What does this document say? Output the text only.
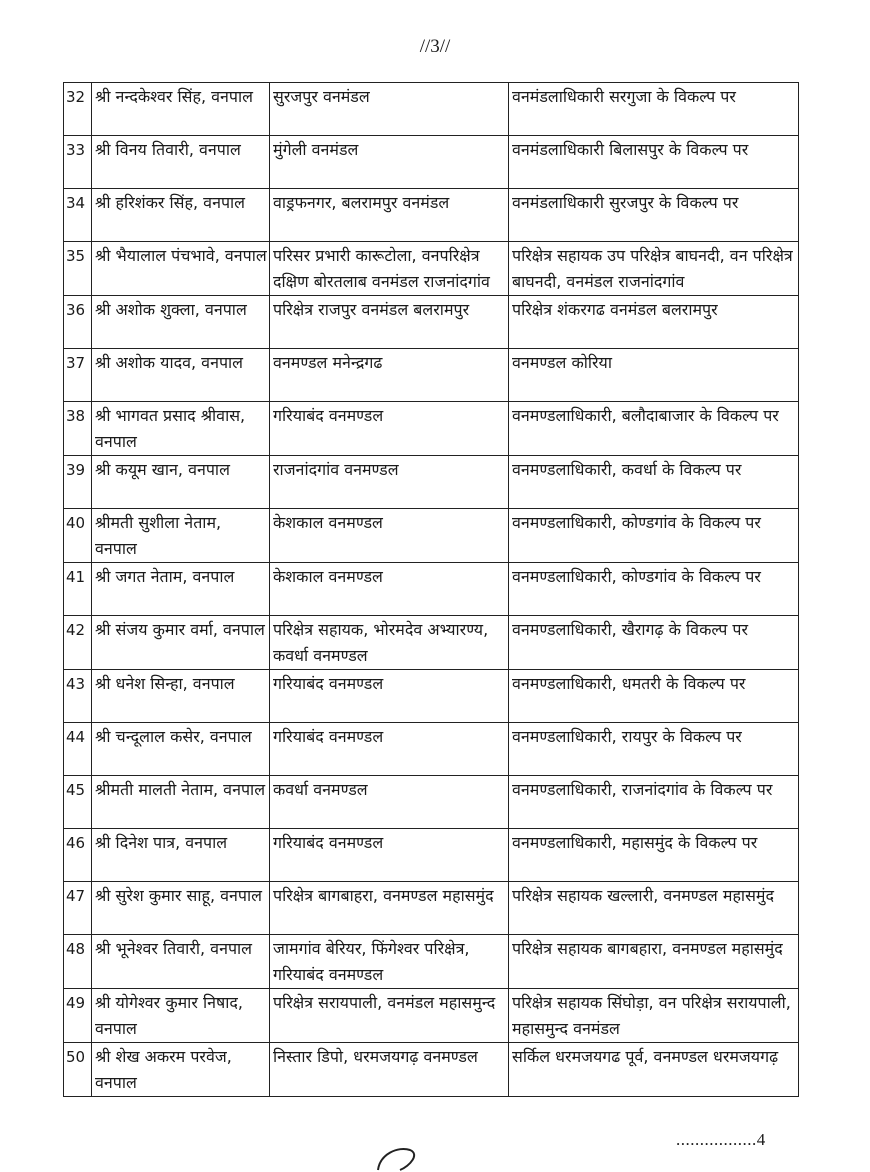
//3//
32	श्री नन्दकेश्वर सिंह, वनपाल	सुरजपुर वनमंडल	वनमंडलाधिकारी सरगुजा के विकल्प पर
33	श्री विनय तिवारी, वनपाल	मुंगेली वनमंडल	वनमंडलाधिकारी बिलासपुर के विकल्प पर
34	श्री हरिशंकर सिंह, वनपाल	वाड्रफनगर, बलरामपुर वनमंडल	वनमंडलाधिकारी सुरजपुर के विकल्प पर
35	श्री भैयालाल पंचभावे, वनपाल	परिसर प्रभारी कारूटोला, वनपरिक्षेत्र दक्षिण बोरतलाब वनमंडल राजनांदगांव	परिक्षेत्र सहायक उप परिक्षेत्र बाघनदी, वन परिक्षेत्र बाघनदी, वनमंडल राजनांदगांव
36	श्री अशोक शुक्ला, वनपाल	परिक्षेत्र राजपुर वनमंडल बलरामपुर	परिक्षेत्र शंकरगढ वनमंडल बलरामपुर
37	श्री अशोक यादव, वनपाल	वनमण्डल मनेन्द्रगढ	वनमण्डल कोरिया
38	श्री भागवत प्रसाद श्रीवास, वनपाल	गरियाबंद वनमण्डल	वनमण्डलाधिकारी, बलौदाबाजार के विकल्प पर
39	श्री कयूम खान, वनपाल	राजनांदगांव वनमण्डल	वनमण्डलाधिकारी, कवर्धा के विकल्प पर
40	श्रीमती सुशीला नेताम, वनपाल	केशकाल वनमण्डल	वनमण्डलाधिकारी, कोण्डगांव के विकल्प पर
41	श्री जगत नेताम, वनपाल	केशकाल वनमण्डल	वनमण्डलाधिकारी, कोण्डगांव के विकल्प पर
42	श्री संजय कुमार वर्मा, वनपाल	परिक्षेत्र सहायक, भोरमदेव अभ्यारण्य, कवर्धा वनमण्डल	वनमण्डलाधिकारी, खैरागढ़ के विकल्प पर
43	श्री धनेश सिन्हा, वनपाल	गरियाबंद वनमण्डल	वनमण्डलाधिकारी, धमतरी के विकल्प पर
44	श्री चन्दूलाल कसेर, वनपाल	गरियाबंद वनमण्डल	वनमण्डलाधिकारी, रायपुर के विकल्प पर
45	श्रीमती मालती नेताम, वनपाल	कवर्धा वनमण्डल	वनमण्डलाधिकारी, राजनांदगांव के विकल्प पर
46	श्री दिनेश पात्र, वनपाल	गरियाबंद वनमण्डल	वनमण्डलाधिकारी, महासमुंद के विकल्प पर
47	श्री सुरेश कुमार साहू, वनपाल	परिक्षेत्र बागबाहरा, वनमण्डल महासमुंद	परिक्षेत्र सहायक खल्लारी, वनमण्डल महासमुंद
48	श्री भूनेश्वर तिवारी, वनपाल	जामगांव बेरियर, फिंगेश्वर परिक्षेत्र, गरियाबंद वनमण्डल	परिक्षेत्र सहायक बागबहारा, वनमण्डल महासमुंद
49	श्री योगेश्वर कुमार निषाद, वनपाल	परिक्षेत्र सरायपाली, वनमंडल महासमुन्द	परिक्षेत्र सहायक सिंघोड़ा, वन परिक्षेत्र सरायपाली, महासमुन्द वनमंडल
50	श्री शेख अकरम परवेज, वनपाल	निस्तार डिपो, धरमजयगढ़ वनमण्डल	सर्किल धरमजयगढ पूर्व, वनमण्डल धरमजयगढ़
.................4
